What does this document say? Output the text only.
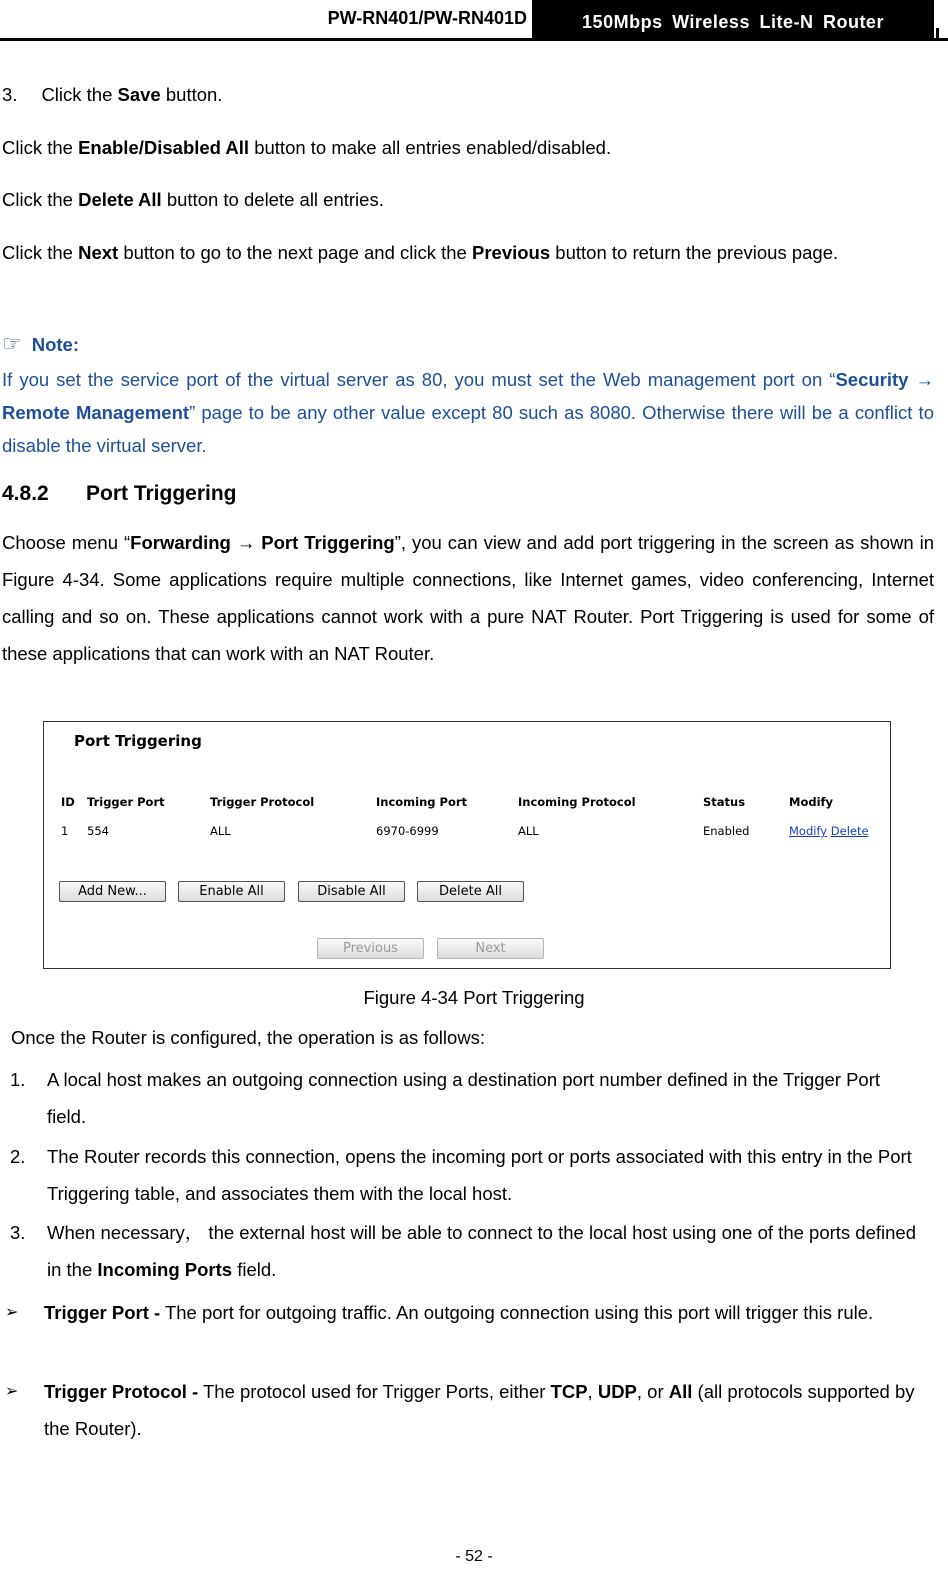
PW-RN401/PW-RN401D	150Mbps Wireless Lite-N Router

3. Click the Save button.

Click the Enable/Disabled All button to make all entries enabled/disabled.

Click the Delete All button to delete all entries.

Click the Next button to go to the next page and click the Previous button to return the previous page.

☞ Note:

If you set the service port of the virtual server as 80, you must set the Web management port on “Security → Remote Management” page to be any other value except 80 such as 8080. Otherwise there will be a conflict to disable the virtual server.

4.8.2 Port Triggering

Choose menu “Forwarding → Port Triggering”, you can view and add port triggering in the screen as shown in Figure 4-34. Some applications require multiple connections, like Internet games, video conferencing, Internet calling and so on. These applications cannot work with a pure NAT Router. Port Triggering is used for some of these applications that can work with an NAT Router.

Port Triggering
ID Trigger Port	Trigger Protocol	Incoming Port	Incoming Protocol	Status	Modify
1 554	ALL	6970-6999	ALL	Enabled	Modify Delete
Add New...	Enable All	Disable All	Delete All
Previous	Next
Figure 4-34 Port Triggering

Once the Router is configured, the operation is as follows:

1. A local host makes an outgoing connection using a destination port number defined in the Trigger Port field.
2. The Router records this connection, opens the incoming port or ports associated with this entry in the Port Triggering table, and associates them with the local host.
3. When necessary， the external host will be able to connect to the local host using one of the ports defined in the Incoming Ports field.
➢ Trigger Port - The port for outgoing traffic. An outgoing connection using this port will trigger this rule.
➢ Trigger Protocol - The protocol used for Trigger Ports, either TCP, UDP, or All (all protocols supported by the Router).
- 52 -
